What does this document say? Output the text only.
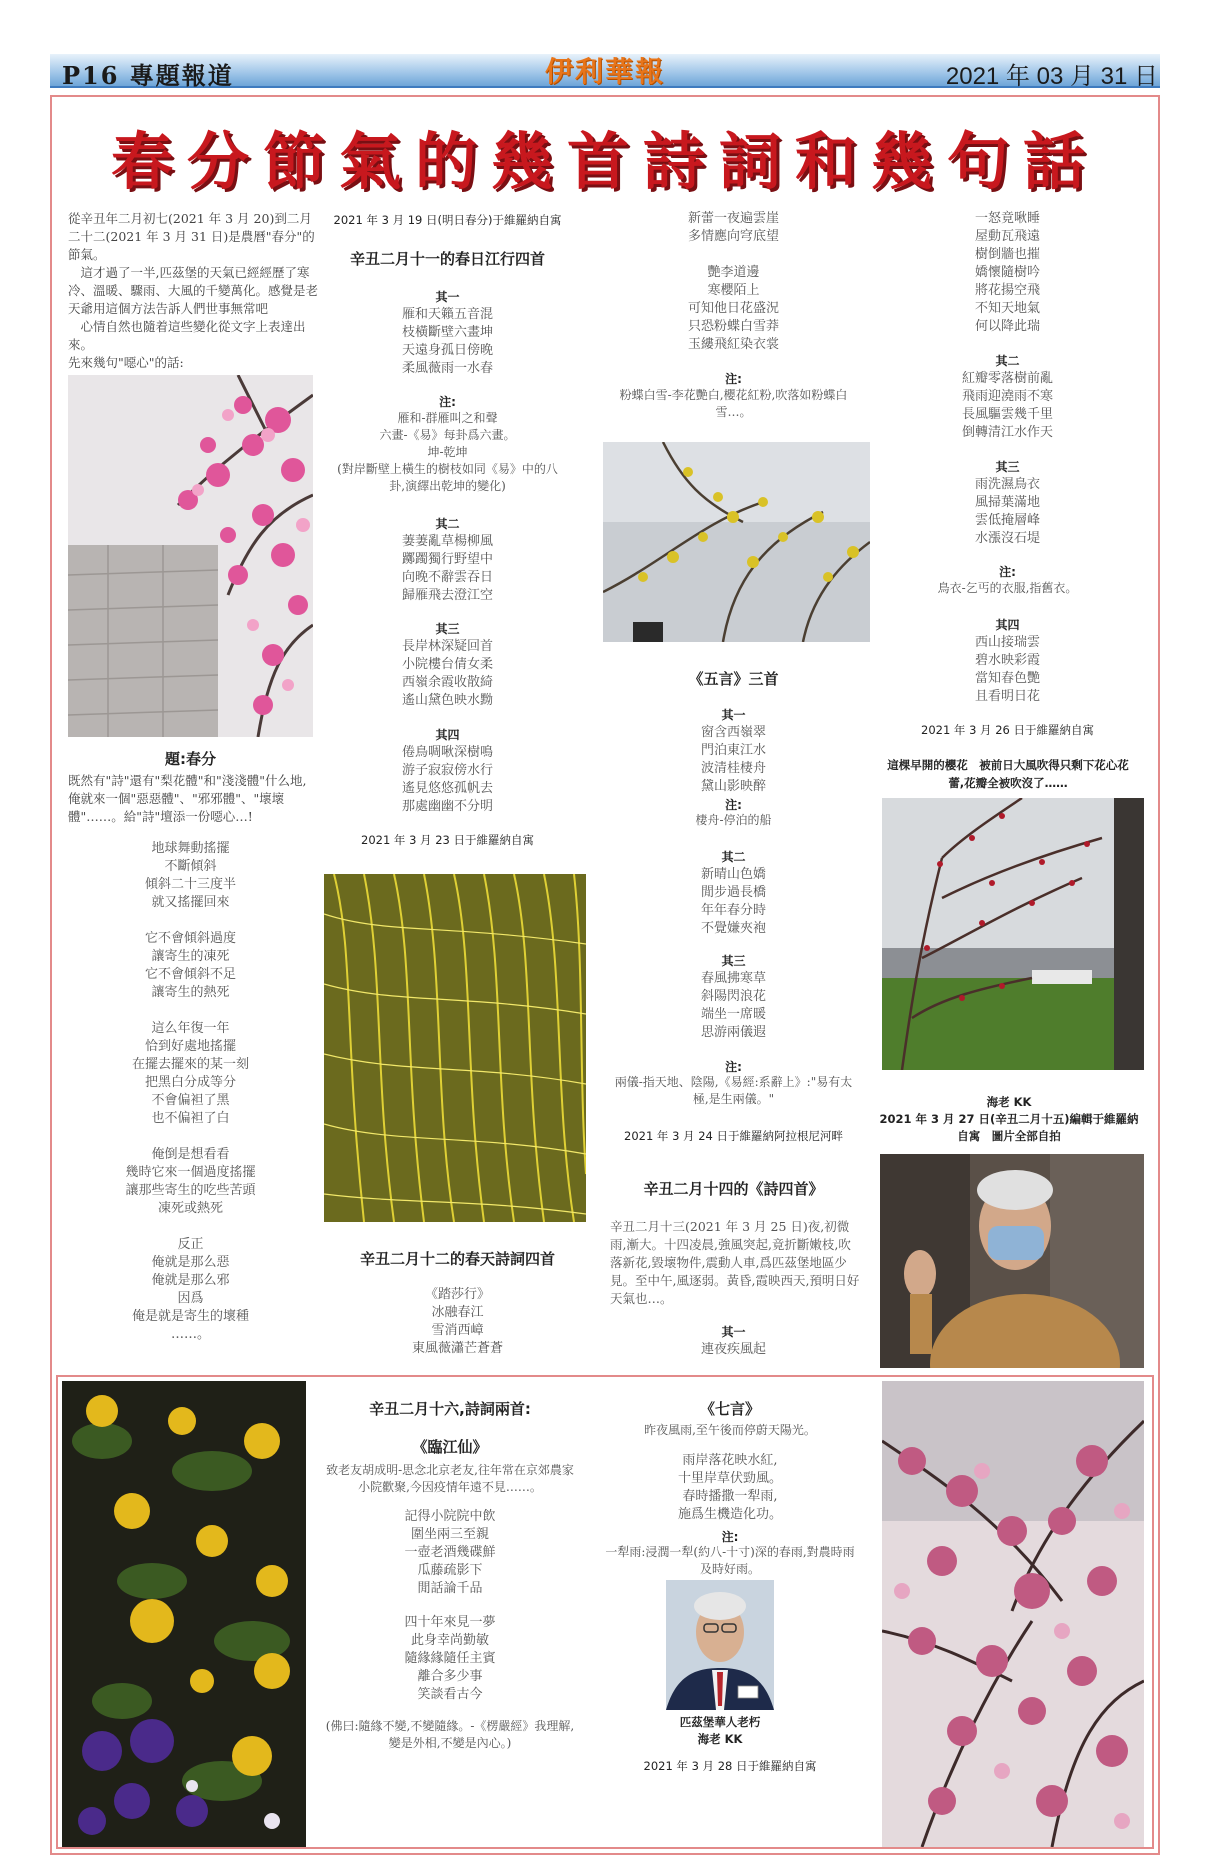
P16 專題報道	伊利華報	2021 年 03 月 31 日
春分節氣的幾首詩詞和幾句話
從辛丑年二月初七(2021 年 3 月 20)到二月二十二(2021 年 3 月 31 日)是農曆"春分"的節氣。
　這才過了一半,匹茲堡的天氣已經經歷了寒冷、溫暖、驟雨、大風的千變萬化。感覺是老天爺用這個方法告訴人們世事無常吧
　心情自然也隨着這些變化從文字上表達出來。
先來幾句"噁心"的話:
題:春分
既然有"詩"還有"梨花體"和"淺淺體"什么地,俺就來一個"惡惡體"、"邪邪體"、"壞壞體"……。給"詩"壇添一份噁心…!
地球舞動搖擺
不斷傾斜
傾斜二十三度半
就又搖擺回來

它不會傾斜過度
讓寄生的凍死
它不會傾斜不足
讓寄生的熱死

這么年復一年
恰到好處地搖擺
在擺去擺來的某一刻
把黑白分成等分
不會偏袒了黑
也不偏袒了白

俺倒是想看看
幾時它來一個過度搖擺
讓那些寄生的吃些苦頭
凍死或熱死

反正
俺就是那么惡
俺就是那么邪
因爲
俺是就是寄生的壞種
……。
2021 年 3 月 19 日(明日春分)于維羅納自寓
辛丑二月十一的春日江行四首
其一
雁和天籟五音混
枝橫斷壁六畫坤
天遠身孤日傍晚
柔風薇雨一水春
注:
雁和-群雁叫之和聲
六畫-《易》每卦爲六畫。
坤-乾坤
(對岸斷壁上橫生的樹枝如同《易》中的八卦,演繹出乾坤的變化)
其二
萋萋亂草楊柳風
躑躅獨行野望中
向晚不辭雲吞日
歸雁飛去澄江空
其三
長岸林深疑回首
小院樓台倩女柔
西嶺余霞收散綺
遙山黛色映水黝
其四
倦鳥啁啾深樹鳴
游子寂寂傍水行
遙見悠悠孤帆去
那處幽幽不分明
2021 年 3 月 23 日于維羅納自寓
辛丑二月十二的春天詩詞四首
《踏莎行》
冰融春江
雪消西嶂
東風薇瀟芒蒼蒼
新蕾一夜遍雲崖
多情應向穹底望

艷李道邊
寒櫻陌上
可知他日花盛況
只恐粉蝶白雪莽
玉縷飛紅染衣裳
注:
粉蝶白雪-李花艷白,櫻花紅粉,吹落如粉蝶白雪…。
《五言》三首
其一
窗含西嶺翠
門泊東江水
波清桂棲舟
黛山影映醉
注:
棲舟-停泊的船
其二
新晴山色嬌
閒步過長橋
年年春分時
不覺嫌夾袍
其三
春風拂寒草
斜陽閃浪花
端坐一席暖
思游兩儀遐
注:
兩儀-指天地、陰陽,《易經:系辭上》:"易有太極,是生兩儀。"
2021 年 3 月 24 日于維羅納阿拉根尼河畔
辛丑二月十四的《詩四首》
辛丑二月十三(2021 年 3 月 25 日)夜,初微雨,漸大。十四凌晨,強風突起,竟折斷嫩枝,吹落新花,毀壞物件,震動人車,爲匹茲堡地區少見。至中午,風逐弱。黃昏,霞映西天,預明日好天氣也…。
其一
連夜疾風起
一怒竟啾睡
屋動瓦飛遠
樹倒牆也摧
嬌懷隨樹吟
將花揚空飛
不知天地氣
何以降此瑞
其二
紅瓣零落樹前亂
飛雨迎澆雨不寒
長風驅雲幾千里
倒轉清江水作天
其三
雨洗濕鳥衣
風掃葉滿地
雲低掩層峰
水漲沒石堤
注:
鳥衣-乞丐的衣服,指舊衣。
其四
西山接瑞雲
碧水映彩霞
當知春色艷
且看明日花
2021 年 3 月 26 日于維羅納自寓
這棵早開的櫻花　被前日大風吹得只剩下花心花蕾,花瓣全被吹沒了……
海老 KK
2021 年 3 月 27 日(辛丑二月十五)編輯于維羅納自寓　圖片全部自拍
辛丑二月十六,詩詞兩首:
《臨江仙》
致老友胡成明-思念北京老友,往年常在京郊農家小院歡聚,今因疫情年遠不見……。
記得小院院中飲
圍坐兩三至親
一壺老酒幾碟鮮
瓜藤疏影下
閒話論千品
四十年來見一夢
此身幸尚勤敏
隨緣緣隨任主賓
離合多少事
笑談看古今
(佛曰:隨緣不變,不變隨緣。-《楞嚴經》我理解,變是外相,不變是內心。)
《七言》
昨夜風雨,至午後而停蔚天陽光。
雨岸落花映水紅,
十里岸草伏勁風。
春時播撒一犁雨,
施爲生機造化功。
注:
一犁雨:浸潤一犁(約八-十寸)深的春雨,對農時雨及時好雨。
匹茲堡華人老朽
海老 KK
2021 年 3 月 28 日于維羅納自寓
